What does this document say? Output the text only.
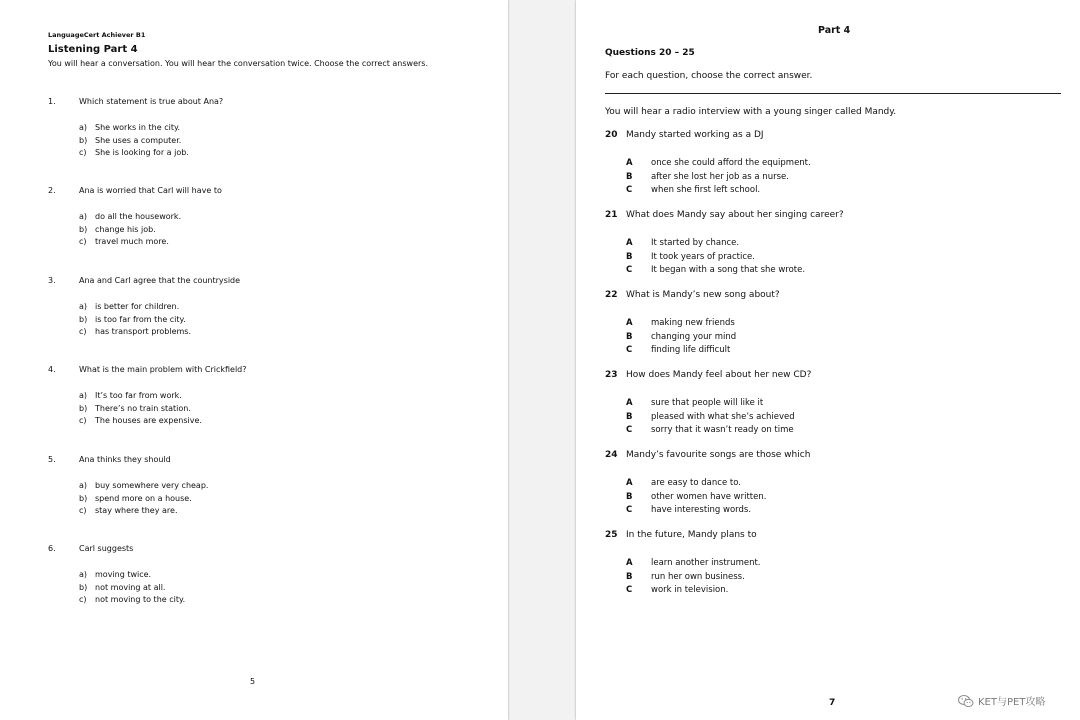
LanguageCert Achiever B1
Listening Part 4
You will hear a conversation. You will hear the conversation twice. Choose the correct answers.
1.	Which statement is true about Ana?
a) She works in the city.
b) She uses a computer.
c) She is looking for a job.
2.	Ana is worried that Carl will have to
a) do all the housework.
b) change his job.
c) travel much more.
3.	Ana and Carl agree that the countryside
a) is better for children.
b) is too far from the city.
c) has transport problems.
4.	What is the main problem with Crickfield?
a) It’s too far from work.
b) There’s no train station.
c) The houses are expensive.
5.	Ana thinks they should
a) buy somewhere very cheap.
b) spend more on a house.
c) stay where they are.
6.	Carl suggests
a) moving twice.
b) not moving at all.
c) not moving to the city.
5
Part 4
Questions 20 – 25
For each question, choose the correct answer.
You will hear a radio interview with a young singer called Mandy.
20 Mandy started working as a DJ
A once she could afford the equipment.
B after she lost her job as a nurse.
C when she first left school.
21 What does Mandy say about her singing career?
A It started by chance.
B It took years of practice.
C It began with a song that she wrote.
22 What is Mandy’s new song about?
A making new friends
B changing your mind
C finding life difficult
23 How does Mandy feel about her new CD?
A sure that people will like it
B pleased with what she’s achieved
C sorry that it wasn’t ready on time
24 Mandy’s favourite songs are those which
A are easy to dance to.
B other women have written.
C have interesting words.
25 In the future, Mandy plans to
A learn another instrument.
B run her own business.
C work in television.
7	KET与PET攻略
